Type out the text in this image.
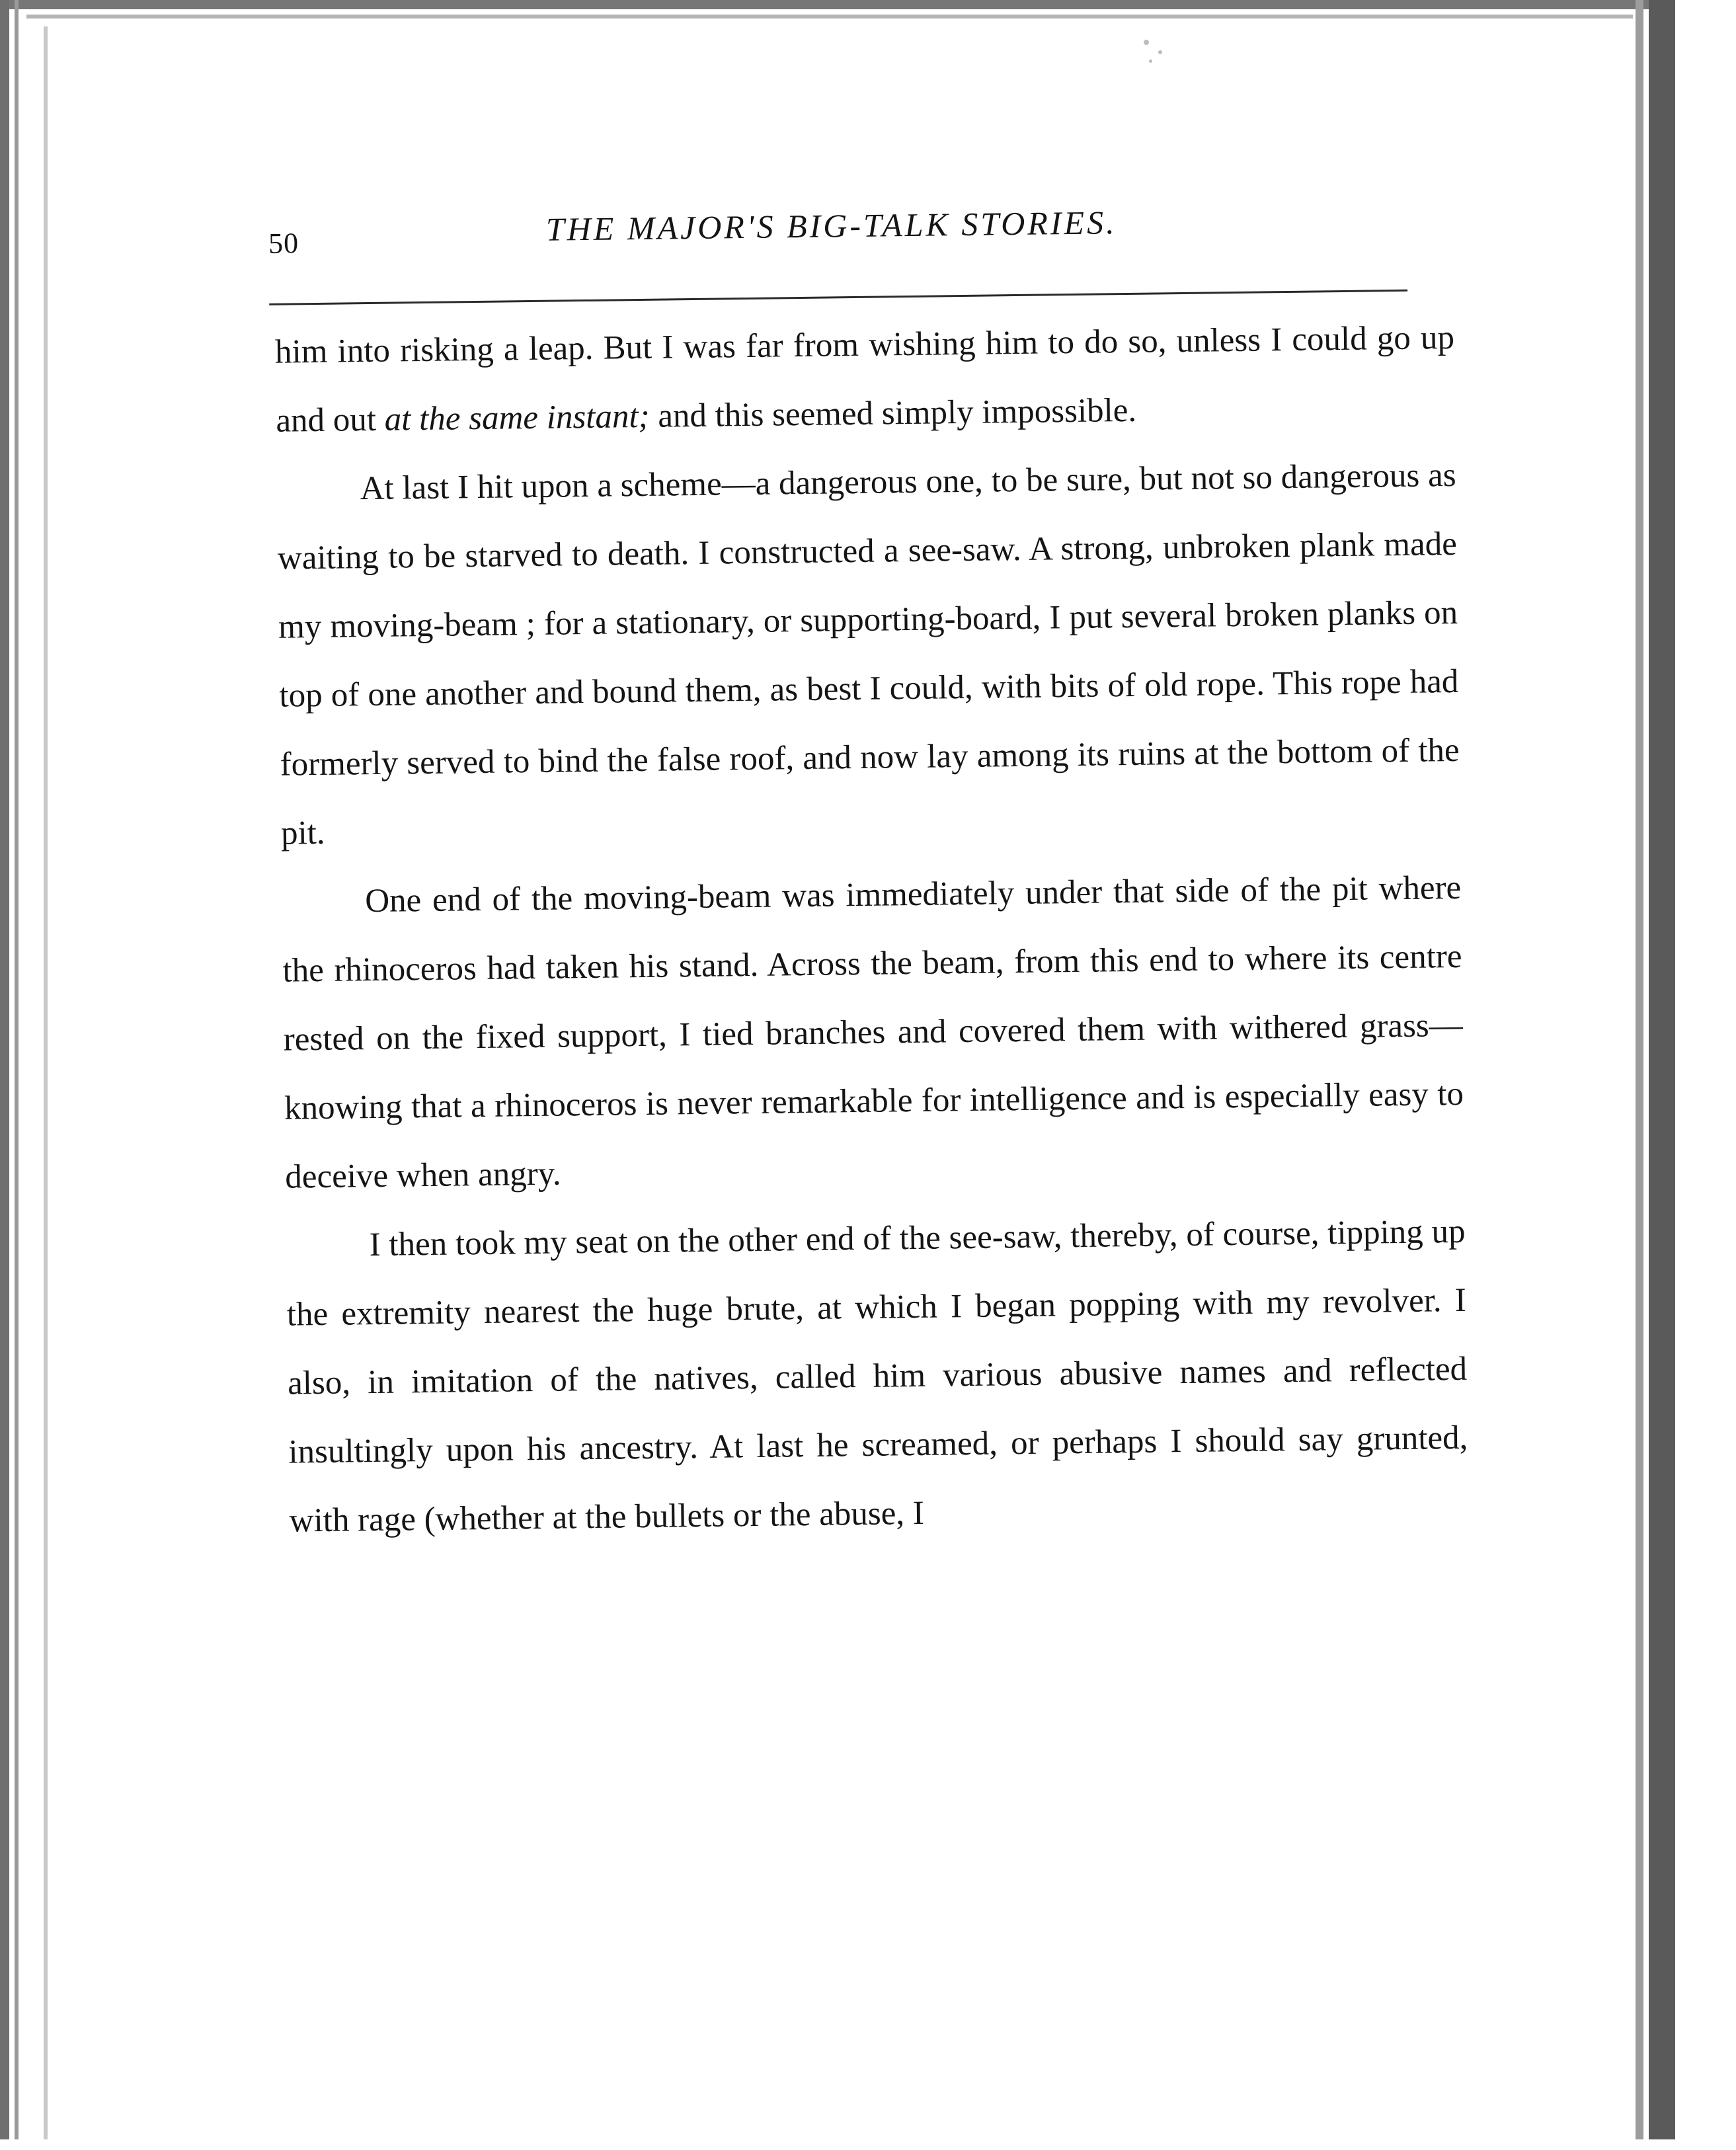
50	THE MAJOR'S BIG-TALK STORIES.

him into risking a leap. But I was far from wishing him to do so, unless I could go up and out at the same instant; and this seemed simply impossible.

At last I hit upon a scheme—a dangerous one, to be sure, but not so dangerous as waiting to be starved to death. I constructed a see-saw. A strong, unbroken plank made my moving-beam ; for a stationary, or supporting-board, I put several broken planks on top of one another and bound them, as best I could, with bits of old rope. This rope had formerly served to bind the false roof, and now lay among its ruins at the bottom of the pit.

One end of the moving-beam was immediately under that side of the pit where the rhinoceros had taken his stand. Across the beam, from this end to where its centre rested on the fixed support, I tied branches and covered them with withered grass—knowing that a rhinoceros is never remarkable for intelligence and is especially easy to deceive when angry.

I then took my seat on the other end of the see-saw, thereby, of course, tipping up the extremity nearest the huge brute, at which I began popping with my revolver. I also, in imitation of the natives, called him various abusive names and reflected insultingly upon his ancestry. At last he screamed, or perhaps I should say grunted, with rage (whether at the bullets or the abuse, I
